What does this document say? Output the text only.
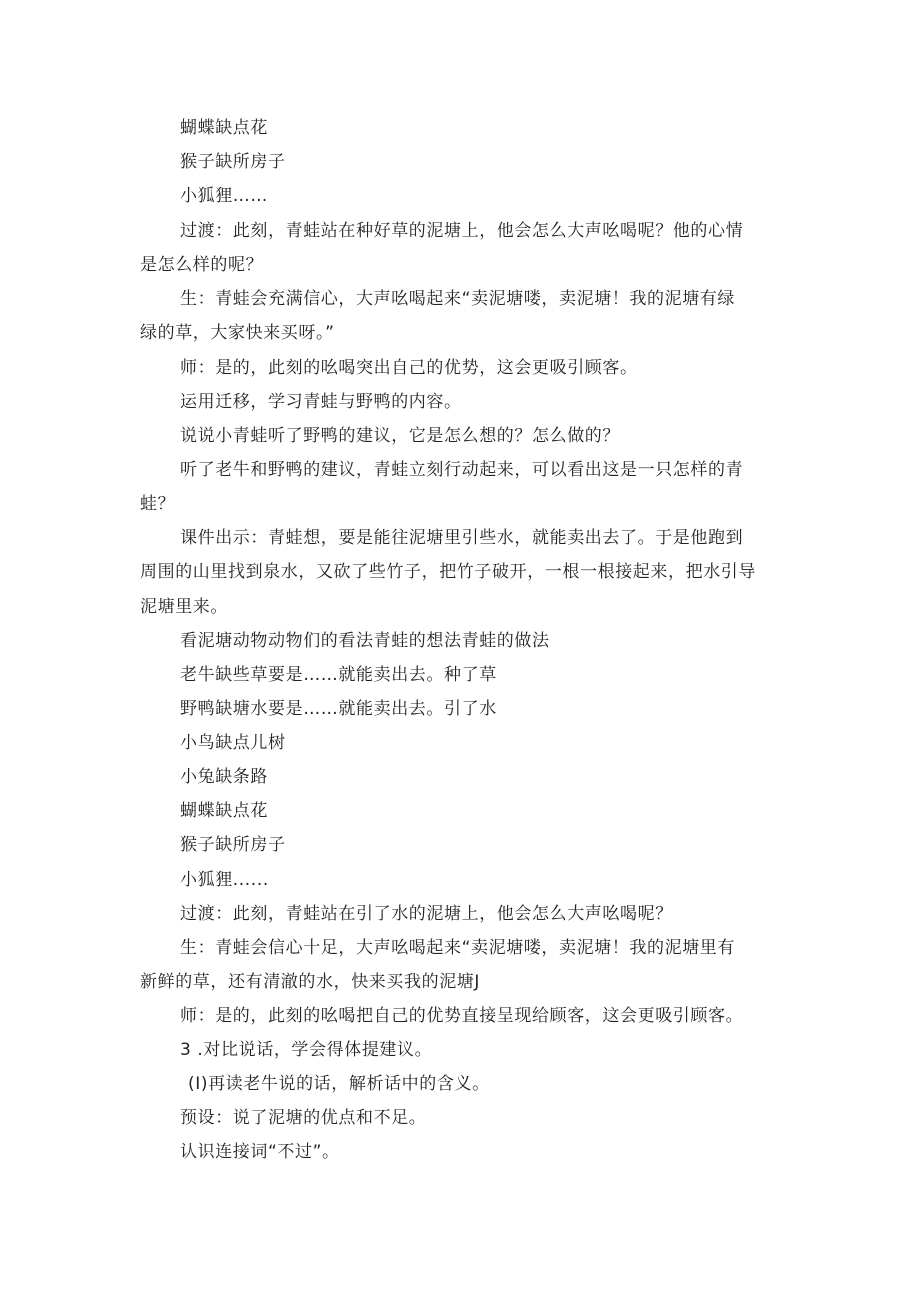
蝴蝶缺点花
猴子缺所房子
小狐狸……
过渡：此刻，青蛙站在种好草的泥塘上，他会怎么大声吆喝呢？他的心情
是怎么样的呢？
生：青蛙会充满信心，大声吆喝起来“卖泥塘喽，卖泥塘！我的泥塘有绿
绿的草，大家快来买呀。”
师：是的，此刻的吆喝突出自己的优势，这会更吸引顾客。
运用迁移，学习青蛙与野鸭的内容。
说说小青蛙听了野鸭的建议，它是怎么想的？怎么做的？
听了老牛和野鸭的建议，青蛙立刻行动起来，可以看出这是一只怎样的青
蛙？
课件出示：青蛙想，要是能往泥塘里引些水，就能卖出去了。于是他跑到
周围的山里找到泉水，又砍了些竹子，把竹子破开，一根一根接起来，把水引导
泥塘里来。
看泥塘动物动物们的看法青蛙的想法青蛙的做法
老牛缺些草要是……就能卖出去。种了草
野鸭缺塘水要是……就能卖出去。引了水
小鸟缺点儿树
小兔缺条路
蝴蝶缺点花
猴子缺所房子
小狐狸......
过渡：此刻，青蛙站在引了水的泥塘上，他会怎么大声吆喝呢？
生：青蛙会信心十足，大声吆喝起来“卖泥塘喽，卖泥塘！我的泥塘里有
新鲜的草，还有清澈的水，快来买我的泥塘J
师：是的，此刻的吆喝把自己的优势直接呈现给顾客，这会更吸引顾客。
3 .对比说话，学会得体提建议。
(I)再读老牛说的话，解析话中的含义。
预设：说了泥塘的优点和不足。
认识连接词“不过”。
